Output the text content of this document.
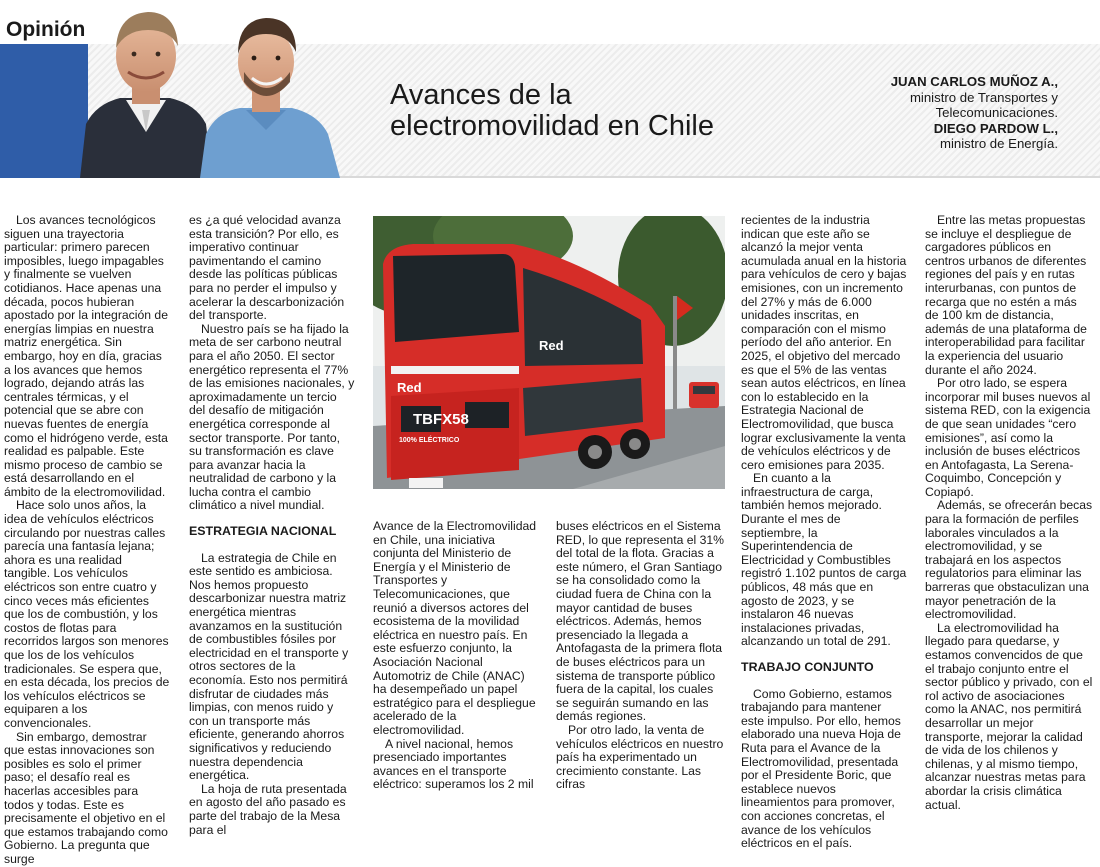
Opinión
Avances de la
electromovilidad en Chile
JUAN CARLOS MUÑOZ A.,
ministro de Transportes y
Telecomunicaciones.
DIEGO PARDOW L.,
ministro de Energía.

Los avances tecnológicos siguen una trayectoria particular: primero parecen imposibles, luego impagables y finalmente se vuelven cotidianos. Hace apenas una década, pocos hubieran apostado por la integración de energías limpias en nuestra matriz energética. Sin embargo, hoy en día, gracias a los avances que hemos logrado, dejando atrás las centrales térmicas, y el potencial que se abre con nuevas fuentes de energía como el hidrógeno verde, esta realidad es palpable. Este mismo proceso de cambio se está desarrollando en el ámbito de la electromovilidad.

Hace solo unos años, la idea de vehículos eléctricos circulando por nuestras calles parecía una fantasía lejana; ahora es una realidad tangible. Los vehículos eléctricos son entre cuatro y cinco veces más eficientes que los de combustión, y los costos de flotas para recorridos largos son menores que los de los vehículos tradicionales. Se espera que, en esta década, los precios de los vehículos eléctricos se equiparen a los convencionales.

Sin embargo, demostrar que estas innovaciones son posibles es solo el primer paso; el desafío real es hacerlas accesibles para todos y todas. Este es precisamente el objetivo en el que estamos trabajando como Gobierno. La pregunta que surge

es ¿a qué velocidad avanza esta transición? Por ello, es imperativo continuar pavimentando el camino desde las políticas públicas para no perder el impulso y acelerar la descarbonización del transporte.

Nuestro país se ha fijado la meta de ser carbono neutral para el año 2050. El sector energético representa el 77% de las emisiones nacionales, y aproximadamente un tercio del desafío de mitigación energética corresponde al sector transporte. Por tanto, su transformación es clave para avanzar hacia la neutralidad de carbono y la lucha contra el cambio climático a nivel mundial.

ESTRATEGIA NACIONAL

La estrategia de Chile en este sentido es ambiciosa. Nos hemos propuesto descarbonizar nuestra matriz energética mientras avanzamos en la sustitución de combustibles fósiles por electricidad en el transporte y otros sectores de la economía. Esto nos permitirá disfrutar de ciudades más limpias, con menos ruido y con un transporte más eficiente, generando ahorros significativos y reduciendo nuestra dependencia energética.

La hoja de ruta presentada en agosto del año pasado es parte del trabajo de la Mesa para el

Red
Red
TBFX58
100% ELÉCTRICO

Avance de la Electromovilidad en Chile, una iniciativa conjunta del Ministerio de Energía y el Ministerio de Transportes y Telecomunicaciones, que reunió a diversos actores del ecosistema de la movilidad eléctrica en nuestro país. En este esfuerzo conjunto, la Asociación Nacional Automotriz de Chile (ANAC) ha desempeñado un papel estratégico para el despliegue acelerado de la electromovilidad.

A nivel nacional, hemos presenciado importantes avances en el transporte eléctrico: superamos los 2 mil

buses eléctricos en el Sistema RED, lo que representa el 31% del total de la flota. Gracias a este número, el Gran Santiago se ha consolidado como la ciudad fuera de China con la mayor cantidad de buses eléctricos. Además, hemos presenciado la llegada a Antofagasta de la primera flota de buses eléctricos para un sistema de transporte público fuera de la capital, los cuales se seguirán sumando en las demás regiones.

Por otro lado, la venta de vehículos eléctricos en nuestro país ha experimentado un crecimiento constante. Las cifras

recientes de la industria indican que este año se alcanzó la mejor venta acumulada anual en la historia para vehículos de cero y bajas emisiones, con un incremento del 27% y más de 6.000 unidades inscritas, en comparación con el mismo período del año anterior. En 2025, el objetivo del mercado es que el 5% de las ventas sean autos eléctricos, en línea con lo establecido en la Estrategia Nacional de Electromovilidad, que busca lograr exclusivamente la venta de vehículos eléctricos y de cero emisiones para 2035.

En cuanto a la infraestructura de carga, también hemos mejorado. Durante el mes de septiembre, la Superintendencia de Electricidad y Combustibles registró 1.102 puntos de carga públicos, 48 más que en agosto de 2023, y se instalaron 46 nuevas instalaciones privadas, alcanzando un total de 291.

TRABAJO CONJUNTO

Como Gobierno, estamos trabajando para mantener este impulso. Por ello, hemos elaborado una nueva Hoja de Ruta para el Avance de la Electromovilidad, presentada por el Presidente Boric, que establece nuevos lineamientos para promover, con acciones concretas, el avance de los vehículos eléctricos en el país.

Entre las metas propuestas se incluye el despliegue de cargadores públicos en centros urbanos de diferentes regiones del país y en rutas interurbanas, con puntos de recarga que no estén a más de 100 km de distancia, además de una plataforma de interoperabilidad para facilitar la experiencia del usuario durante el año 2024.

Por otro lado, se espera incorporar mil buses nuevos al sistema RED, con la exigencia de que sean unidades “cero emisiones”, así como la inclusión de buses eléctricos en Antofagasta, La Serena-Coquimbo, Concepción y Copiapó.

Además, se ofrecerán becas para la formación de perfiles laborales vinculados a la electromovilidad, y se trabajará en los aspectos regulatorios para eliminar las barreras que obstaculizan una mayor penetración de la electromovilidad.

La electromovilidad ha llegado para quedarse, y estamos convencidos de que el trabajo conjunto entre el sector público y privado, con el rol activo de asociaciones como la ANAC, nos permitirá desarrollar un mejor transporte, mejorar la calidad de vida de los chilenos y chilenas, y al mismo tiempo, alcanzar nuestras metas para abordar la crisis climática actual.
